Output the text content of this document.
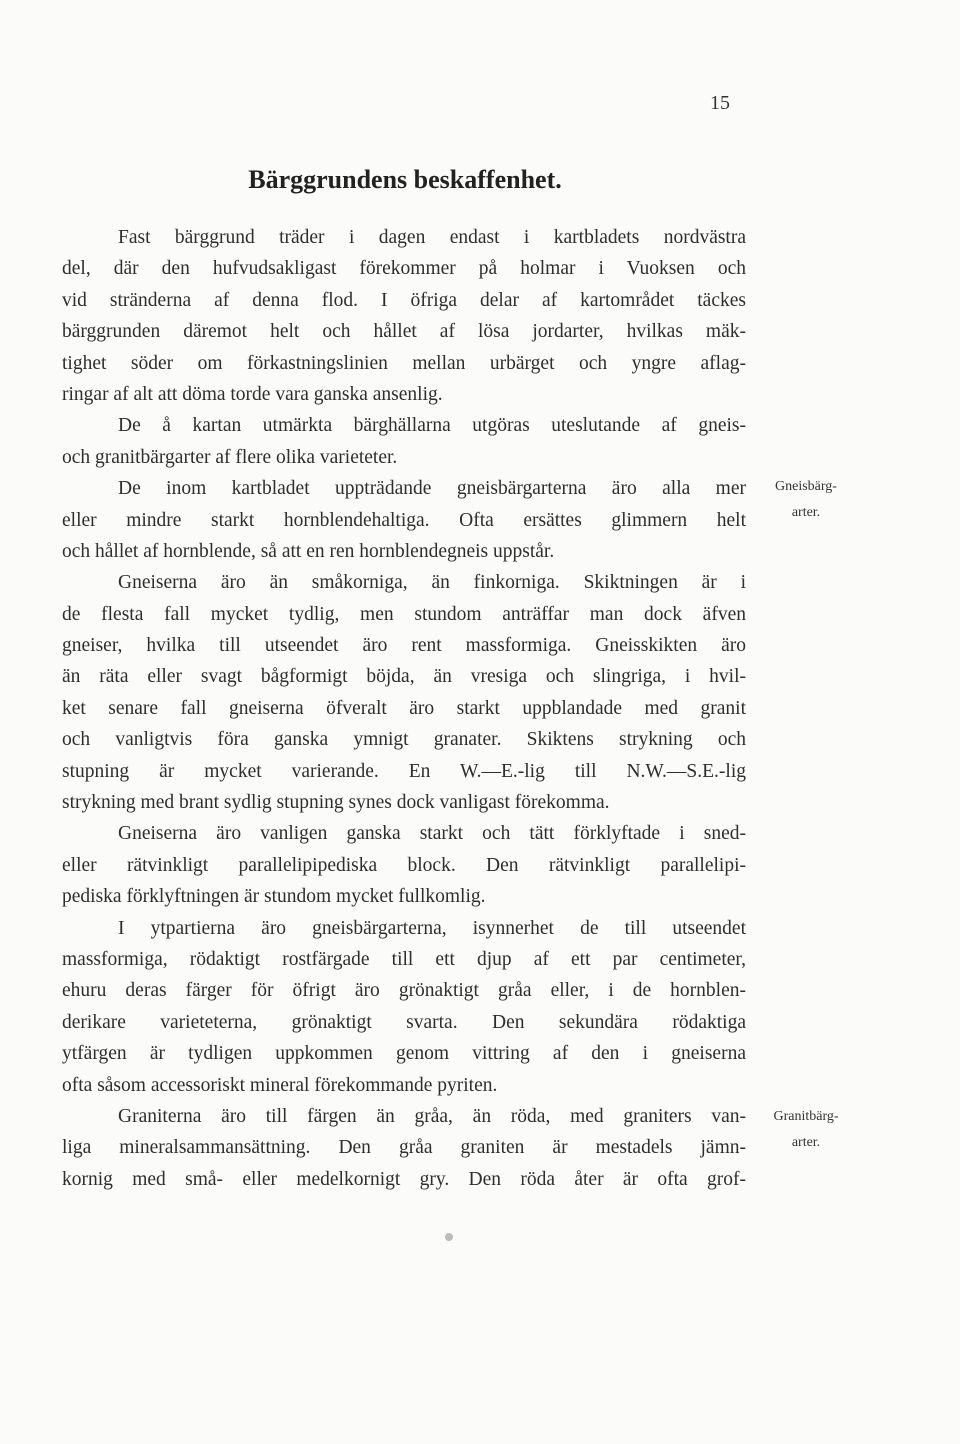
15
Bärggrundens beskaffenhet.
Fast bärggrund träder i dagen endast i kartbladets nordvästra
del, där den hufvudsakligast förekommer på holmar i Vuoksen och
vid stränderna af denna flod. I öfriga delar af kartområdet täckes
bärggrunden däremot helt och hållet af lösa jordarter, hvilkas mäk-
tighet söder om förkastningslinien mellan urbärget och yngre aflag-
ringar af alt att döma torde vara ganska ansenlig.
De å kartan utmärkta bärghällarna utgöras uteslutande af gneis-
och granitbärgarter af flere olika varieteter.
De inom kartbladet uppträdande gneisbärgarterna äro alla mer
eller mindre starkt hornblendehaltiga. Ofta ersättes glimmern helt
och hållet af hornblende, så att en ren hornblendegneis uppstår.
Gneiserna äro än småkorniga, än finkorniga. Skiktningen är i
de flesta fall mycket tydlig, men stundom anträffar man dock äfven
gneiser, hvilka till utseendet äro rent massformiga. Gneisskikten äro
än räta eller svagt bågformigt böjda, än vresiga och slingriga, i hvil-
ket senare fall gneiserna öfveralt äro starkt uppblandade med granit
och vanligtvis föra ganska ymnigt granater. Skiktens strykning och
stupning är mycket varierande. En W.—E.-lig till N.W.—S.E.-lig
strykning med brant sydlig stupning synes dock vanligast förekomma.
Gneiserna äro vanligen ganska starkt och tätt förklyftade i sned-
eller rätvinkligt parallelipipediska block. Den rätvinkligt parallelipi-
pediska förklyftningen är stundom mycket fullkomlig.
I ytpartierna äro gneisbärgarterna, isynnerhet de till utseendet
massformiga, rödaktigt rostfärgade till ett djup af ett par centimeter,
ehuru deras färger för öfrigt äro grönaktigt gråa eller, i de hornblen-
derikare varieteterna, grönaktigt svarta. Den sekundära rödaktiga
ytfärgen är tydligen uppkommen genom vittring af den i gneiserna
ofta såsom accessoriskt mineral förekommande pyriten.
Graniterna äro till färgen än gråa, än röda, med graniters van-
liga mineralsammansättning. Den gråa graniten är mestadels jämn-
kornig med små- eller medelkornigt gry. Den röda åter är ofta grof-
Gneisbärg-
arter.
Granitbärg-
arter.
